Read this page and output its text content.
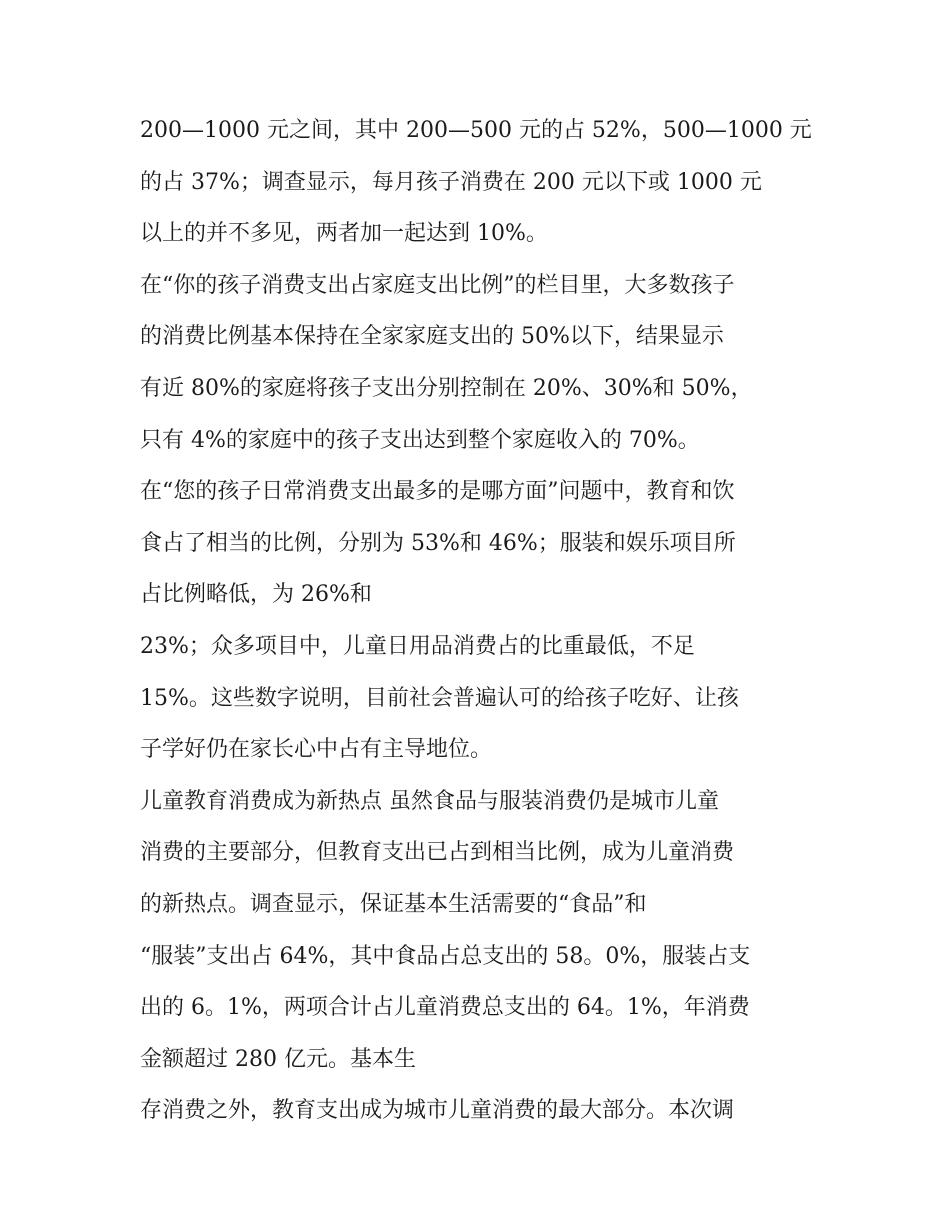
200—1000 元之间，其中 200—500 元的占 52%，500—1000 元
的占 37%；调查显示，每月孩子消费在 200 元以下或 1000 元
以上的并不多见，两者加一起达到 10%。
在“你的孩子消费支出占家庭支出比例”的栏目里，大多数孩子
的消费比例基本保持在全家家庭支出的 50%以下，结果显示
有近 80%的家庭将孩子支出分别控制在 20%、30%和 50%，
只有 4%的家庭中的孩子支出达到整个家庭收入的 70%。
在“您的孩子日常消费支出最多的是哪方面”问题中，教育和饮
食占了相当的比例，分别为 53%和 46%；服装和娱乐项目所
占比例略低，为 26%和
23%；众多项目中，儿童日用品消费占的比重最低，不足
15%。这些数字说明，目前社会普遍认可的给孩子吃好、让孩
子学好仍在家长心中占有主导地位。
儿童教育消费成为新热点 虽然食品与服装消费仍是城市儿童
消费的主要部分，但教育支出已占到相当比例，成为儿童消费
的新热点。调查显示，保证基本生活需要的“食品”和
“服装”支出占 64%，其中食品占总支出的 58。0%，服装占支
出的 6。1%，两项合计占儿童消费总支出的 64。1%，年消费
金额超过 280 亿元。基本生
存消费之外，教育支出成为城市儿童消费的最大部分。本次调
